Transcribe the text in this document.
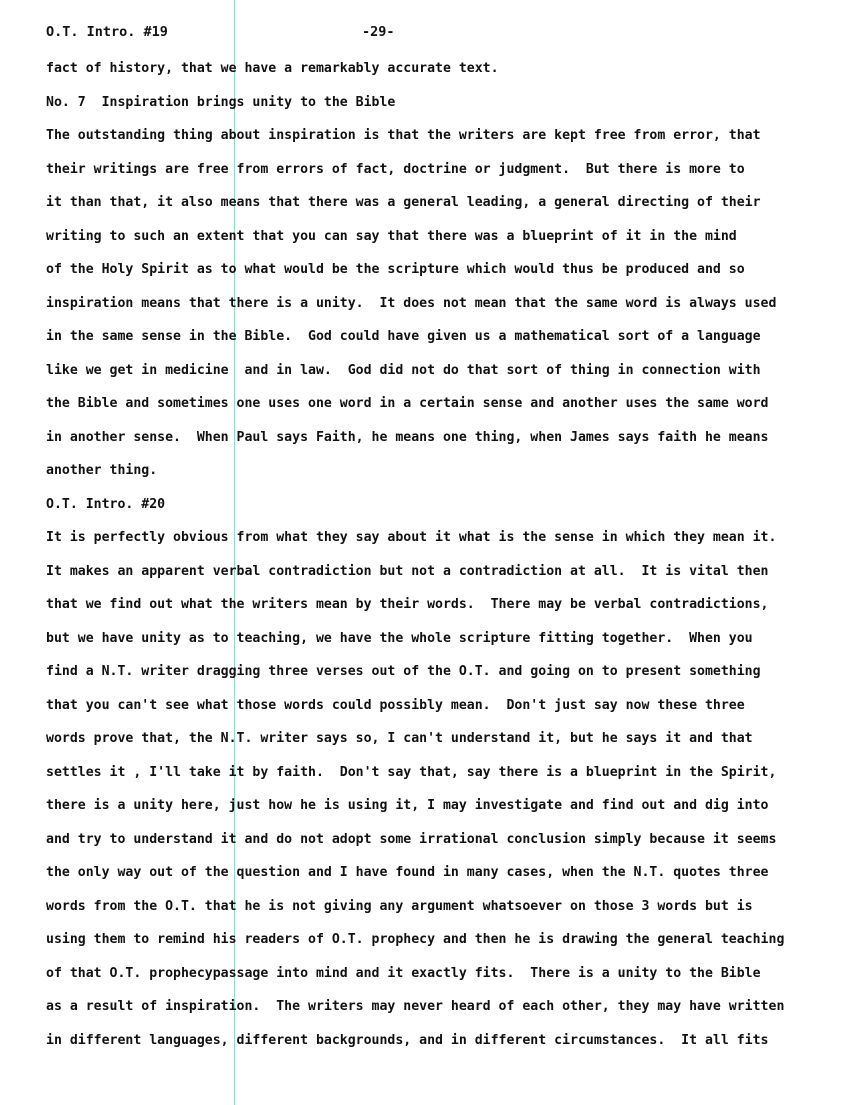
O.T. Intro. #19	-29-
fact of history, that we have a remarkably accurate text.
No. 7  Inspiration brings unity to the Bible
The outstanding thing about inspiration is that the writers are kept free from error, that
their writings are free from errors of fact, doctrine or judgment.  But there is more to
it than that, it also means that there was a general leading, a general directing of their
writing to such an extent that you can say that there was a blueprint of it in the mind
of the Holy Spirit as to what would be the scripture which would thus be produced and so
inspiration means that there is a unity.  It does not mean that the same word is always used
in the same sense in the Bible.  God could have given us a mathematical sort of a language
like we get in medicine  and in law.  God did not do that sort of thing in connection with
the Bible and sometimes one uses one word in a certain sense and another uses the same word
in another sense.  When Paul says Faith, he means one thing, when James says faith he means
another thing.
O.T. Intro. #20
It is perfectly obvious from what they say about it what is the sense in which they mean it.
It makes an apparent verbal contradiction but not a contradiction at all.  It is vital then
that we find out what the writers mean by their words.  There may be verbal contradictions,
but we have unity as to teaching, we have the whole scripture fitting together.  When you
find a N.T. writer dragging three verses out of the O.T. and going on to present something
that you can't see what those words could possibly mean.  Don't just say now these three
words prove that, the N.T. writer says so, I can't understand it, but he says it and that
settles it , I'll take it by faith.  Don't say that, say there is a blueprint in the Spirit,
there is a unity here, just how he is using it, I may investigate and find out and dig into
and try to understand it and do not adopt some irrational conclusion simply because it seems
the only way out of the question and I have found in many cases, when the N.T. quotes three
words from the O.T. that he is not giving any argument whatsoever on those 3 words but is
using them to remind his readers of O.T. prophecy and then he is drawing the general teaching
of that O.T. prophecypassage into mind and it exactly fits.  There is a unity to the Bible
as a result of inspiration.  The writers may never heard of each other, they may have written
in different languages, different backgrounds, and in different circumstances.  It all fits
